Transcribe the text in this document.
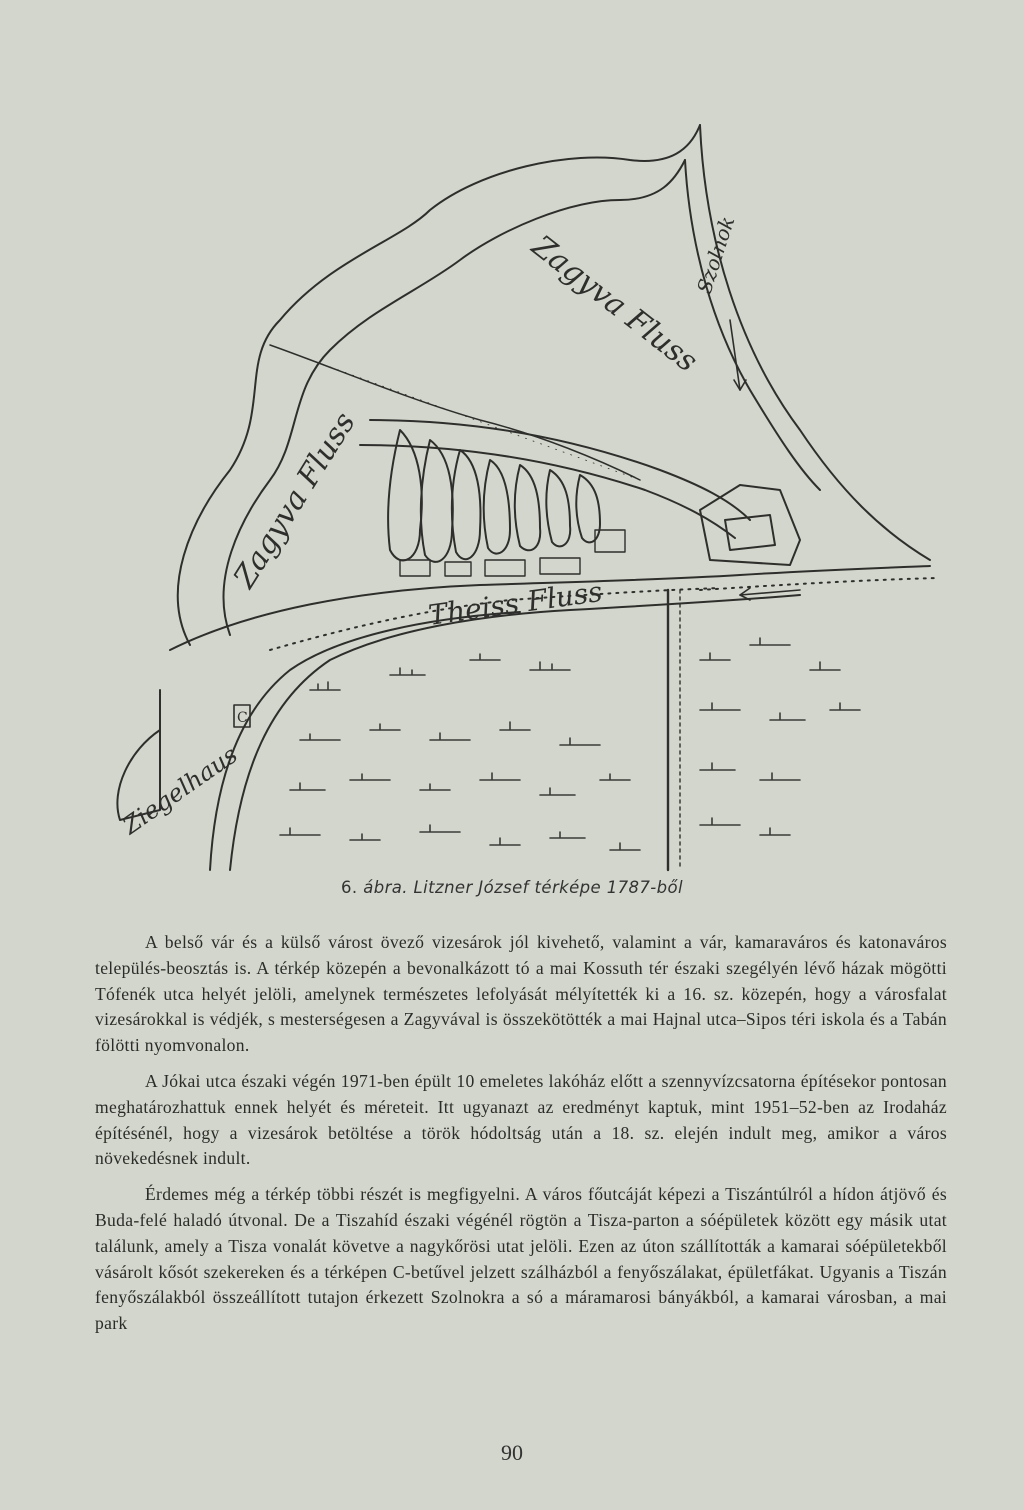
Zagyva Fluss
Zagyva Fluss
Theiss Fluss
Ziegelhaus
C
Szolnok
6. ábra. Litzner József térképe 1787-ből

A belső vár és a külső várost övező vizesárok jól kivehető, valamint a vár, kamaraváros és katonaváros település-beosztás is. A térkép közepén a bevonalkázott tó a mai Kossuth tér északi szegélyén lévő házak mögötti Tófenék utca helyét jelöli, amelynek természetes lefolyását mélyítették ki a 16. sz. közepén, hogy a városfalat vizesárokkal is védjék, s mesterségesen a Zagyvával is összekötötték a mai Hajnal utca–Sipos téri iskola és a Tabán fölötti nyomvonalon.

A Jókai utca északi végén 1971-ben épült 10 emeletes lakóház előtt a szennyvízcsatorna építésekor pontosan meghatározhattuk ennek helyét és méreteit. Itt ugyanazt az eredményt kaptuk, mint 1951–52-ben az Irodaház építésénél, hogy a vizesárok betöltése a török hódoltság után a 18. sz. elején indult meg, amikor a város növekedésnek indult.

Érdemes még a térkép többi részét is megfigyelni. A város főutcáját képezi a Tiszántúlról a hídon átjövő és Buda-felé haladó útvonal. De a Tiszahíd északi végénél rögtön a Tisza-parton a sóépületek között egy másik utat találunk, amely a Tisza vonalát követve a nagykőrösi utat jelöli. Ezen az úton szállították a kamarai sóépületekből vásárolt kősót szekereken és a térképen C-betűvel jelzett szálházból a fenyőszálakat, épületfákat. Ugyanis a Tiszán fenyőszálakból összeállított tutajon érkezett Szolnokra a só a máramarosi bányákból, a kamarai városban, a mai park

90
